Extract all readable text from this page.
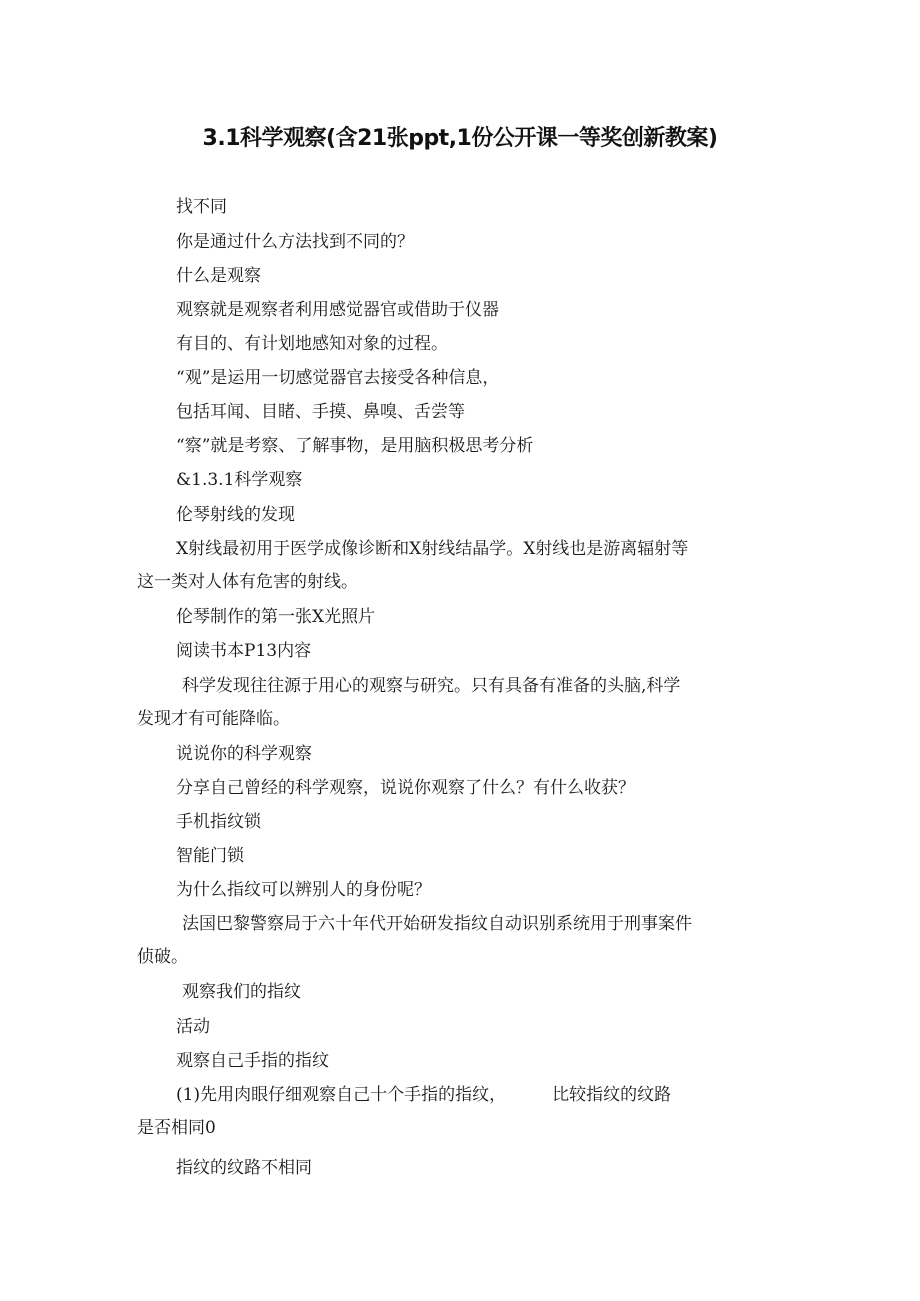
3.1科学观察(含21张ppt,1份公开课一等奖创新教案)
找不同
你是通过什么方法找到不同的？
什么是观察
观察就是观察者利用感觉器官或借助于仪器
有目的、有计划地感知对象的过程。
“观”是运用一切感觉器官去接受各种信息，
包括耳闻、目睹、手摸、鼻嗅、舌尝等
“察”就是考察、了解事物，是用脑积极思考分析
&1.3.1科学观察
伦琴射线的发现
X射线最初用于医学成像诊断和X射线结晶学。X射线也是游离辐射等
这一类对人体有危害的射线。
伦琴制作的第一张X光照片
阅读书本P13内容
科学发现往往源于用心的观察与研究。只有具备有准备的头脑,科学
发现才有可能降临。
说说你的科学观察
分享自己曾经的科学观察，说说你观察了什么？有什么收获？
手机指纹锁
智能门锁
为什么指纹可以辨别人的身份呢？
法国巴黎警察局于六十年代开始研发指纹自动识别系统用于刑事案件
侦破。
观察我们的指纹
活动
观察自己手指的指纹
(1)先用肉眼仔细观察自己十个手指的指纹，	比较指纹的纹路
是否相同0
指纹的纹路不相同
